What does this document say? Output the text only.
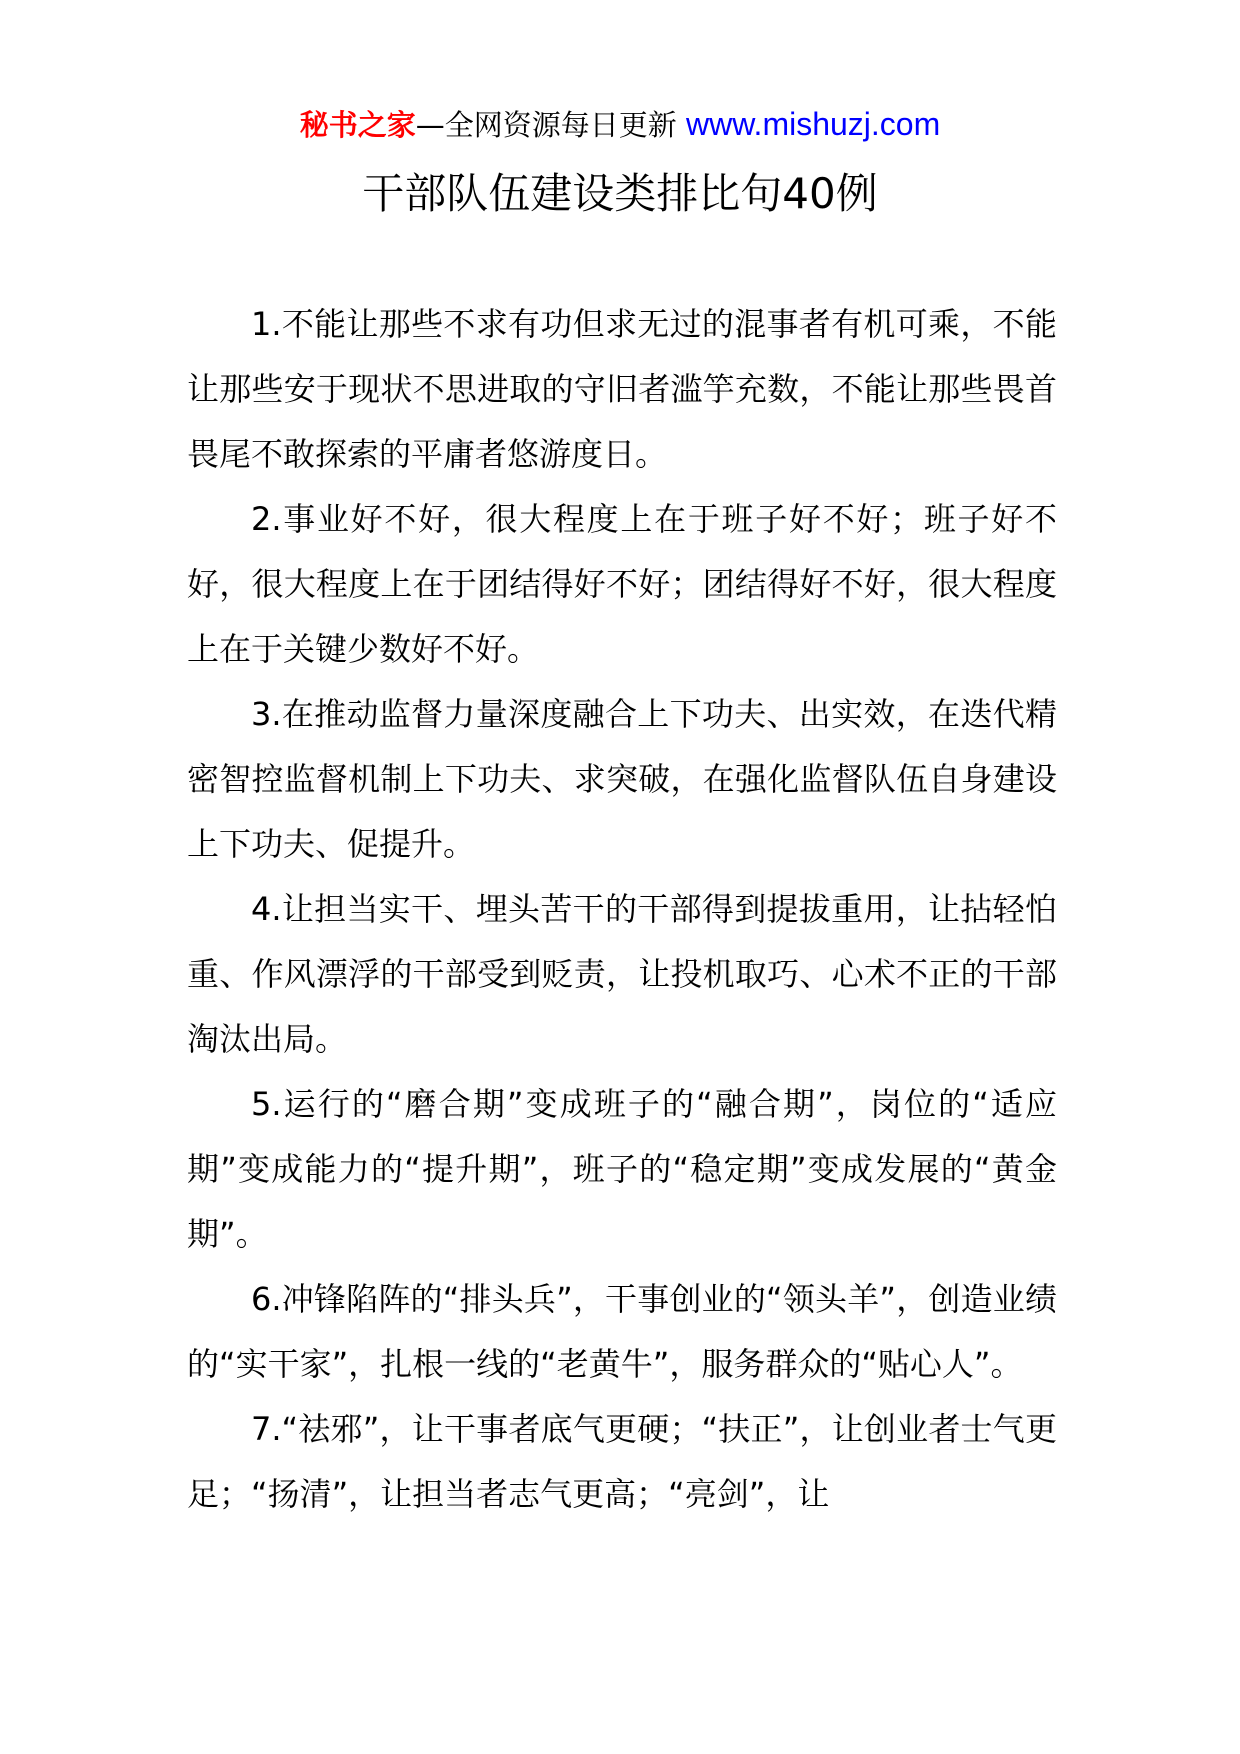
秘书之家—全网资源每日更新 www.mishuzj.com
干部队伍建设类排比句40例

1.不能让那些不求有功但求无过的混事者有机可乘，不能让那些安于现状不思进取的守旧者滥竽充数，不能让那些畏首畏尾不敢探索的平庸者悠游度日。

2.事业好不好，很大程度上在于班子好不好；班子好不好，很大程度上在于团结得好不好；团结得好不好，很大程度上在于关键少数好不好。

3.在推动监督力量深度融合上下功夫、出实效，在迭代精密智控监督机制上下功夫、求突破，在强化监督队伍自身建设上下功夫、促提升。

4.让担当实干、埋头苦干的干部得到提拔重用，让拈轻怕重、作风漂浮的干部受到贬责，让投机取巧、心术不正的干部淘汰出局。

5.运行的“磨合期”变成班子的“融合期”，岗位的“适应期”变成能力的“提升期”，班子的“稳定期”变成发展的“黄金期”。

6.冲锋陷阵的“排头兵”，干事创业的“领头羊”，创造业绩的“实干家”，扎根一线的“老黄牛”，服务群众的“贴心人”。

7.“祛邪”，让干事者底气更硬；“扶正”，让创业者士气更足；“扬清”，让担当者志气更高；“亮剑”，让
